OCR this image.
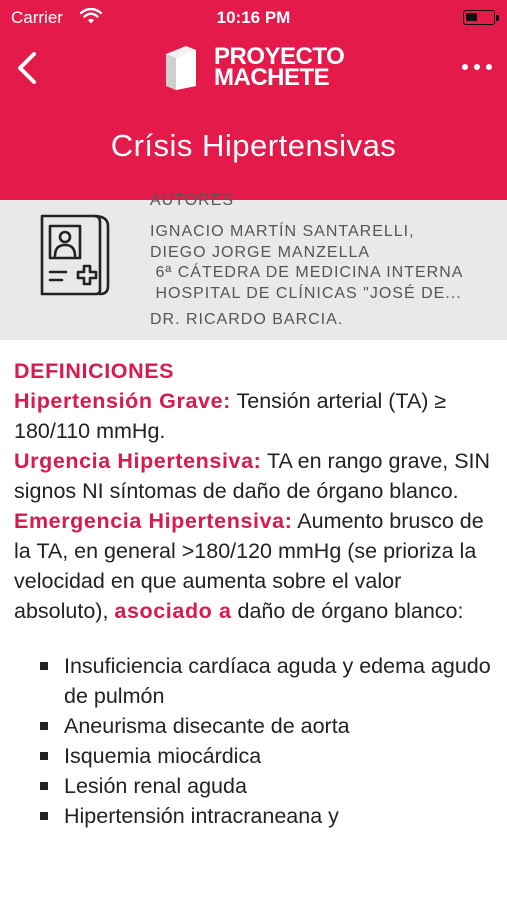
Carrier	10:16 PM
PROYECTO
MACHETE
Crísis Hipertensivas
AUTORES
IGNACIO MARTÍN SANTARELLI,
DIEGO JORGE MANZELLA
6ª CÁTEDRA DE MEDICINA INTERNA
HOSPITAL DE CLÍNICAS "JOSÉ DE...
DR. RICARDO BARCIA.

DEFINICIONES

Hipertensión Grave: Tensión arterial (TA) ≥ 180/110 mmHg.

Urgencia Hipertensiva: TA en rango grave, SIN signos NI síntomas de daño de órgano blanco.

Emergencia Hipertensiva: Aumento brusco de la TA, en general >180/120 mmHg (se prioriza la velocidad en que aumenta sobre el valor absoluto), asociado a daño de órgano blanco:

Insuficiencia cardíaca aguda y edema agudo de pulmón
Aneurisma disecante de aorta
Isquemia miocárdica
Lesión renal aguda
Hipertensión intracraneana y
